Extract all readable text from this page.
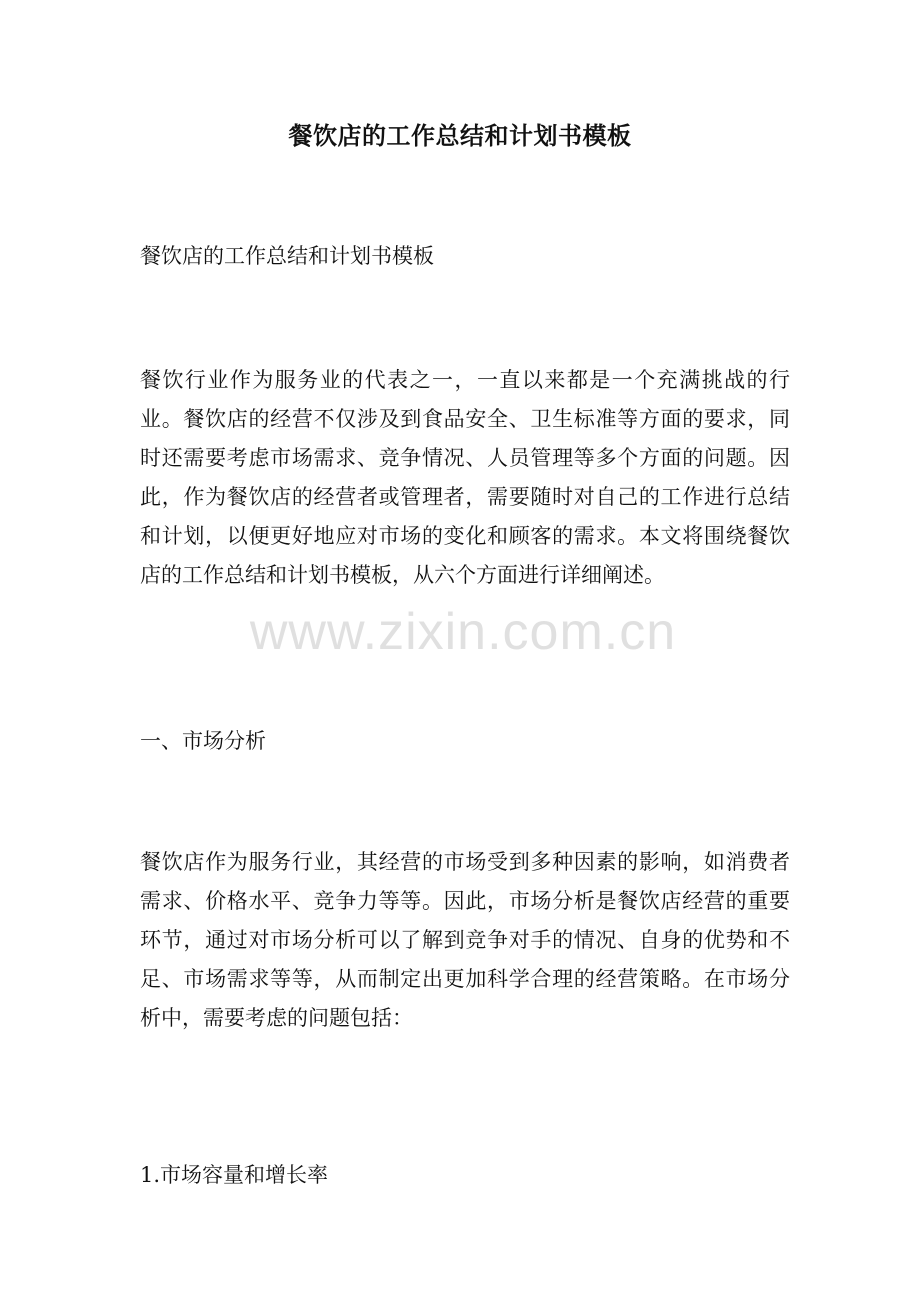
餐饮店的工作总结和计划书模板
餐饮店的工作总结和计划书模板
餐饮行业作为服务业的代表之一，一直以来都是一个充满挑战的行业。餐饮店的经营不仅涉及到食品安全、卫生标准等方面的要求，同时还需要考虑市场需求、竞争情况、人员管理等多个方面的问题。因此，作为餐饮店的经营者或管理者，需要随时对自己的工作进行总结和计划，以便更好地应对市场的变化和顾客的需求。本文将围绕餐饮店的工作总结和计划书模板，从六个方面进行详细阐述。
一、市场分析
餐饮店作为服务行业，其经营的市场受到多种因素的影响，如消费者需求、价格水平、竞争力等等。因此，市场分析是餐饮店经营的重要环节，通过对市场分析可以了解到竞争对手的情况、自身的优势和不足、市场需求等等，从而制定出更加科学合理的经营策略。在市场分析中，需要考虑的问题包括：
1.市场容量和增长率
www.zixin.com.cn
